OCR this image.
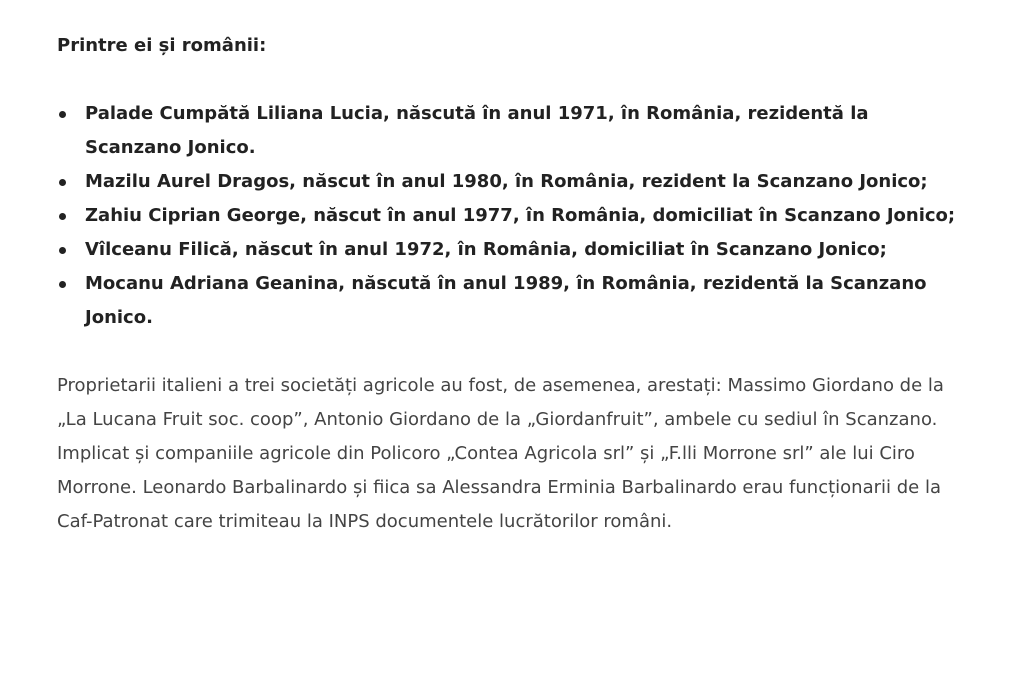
Printre ei și românii:

Palade Cumpătă Liliana Lucia, născută în anul 1971, în România, rezidentă la Scanzano Jonico.
Mazilu Aurel Dragos, născut în anul 1980, în România, rezident la Scanzano Jonico;
Zahiu Ciprian George, născut în anul 1977, în România, domiciliat în Scanzano Jonico;
Vîlceanu Filică, născut în anul 1972, în România, domiciliat în Scanzano Jonico;
Mocanu Adriana Geanina, născută în anul 1989, în România, rezidentă la Scanzano Jonico.

Proprietarii italieni a trei societăți agricole au fost, de asemenea, arestați: Massimo Giordano de la „La Lucana Fruit soc. coop”, Antonio Giordano de la „Giordanfruit”, ambele cu sediul în Scanzano. Implicat și companiile agricole din Policoro „Contea Agricola srl” și „F.lli Morrone srl” ale lui Ciro Morrone. Leonardo Barbalinardo și fiica sa Alessandra Erminia Barbalinardo erau funcționarii de la Caf-Patronat care trimiteau la INPS documentele lucrătorilor români.
